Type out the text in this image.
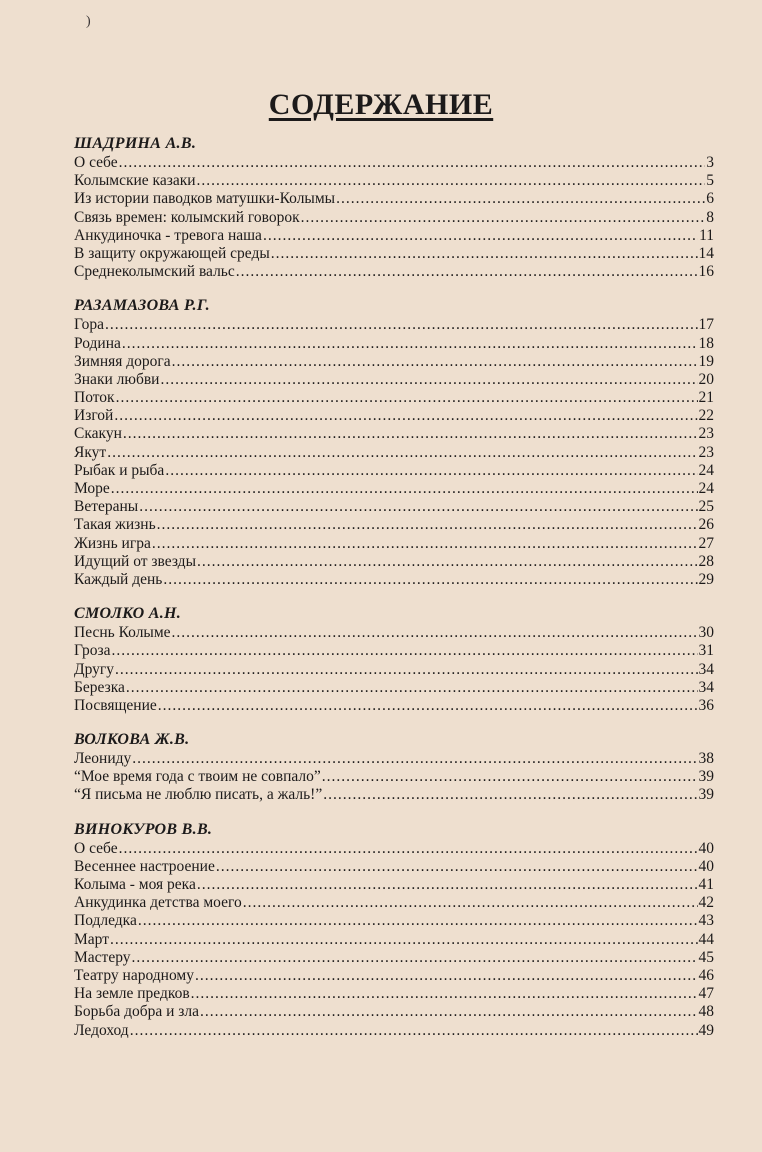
)
СОДЕРЖАНИЕ
ШАДРИНА А.В.
О себе .....	3
Колымские казаки .....	5
Из истории паводков матушки-Колымы .....	6
Связь времен: колымский говорок .....	8
Анкудиночка - тревога наша .....	11
В защиту окружающей среды .....	14
Среднеколымский вальс .....	16
РАЗАМАЗОВА Р.Г.
Гора .....	17
Родина .....	18
Зимняя дорога .....	19
Знаки любви .....	20
Поток .....	21
Изгой .....	22
Скакун .....	23
Якут .....	23
Рыбак и рыба .....	24
Море .....	24
Ветераны .....	25
Такая жизнь .....	26
Жизнь игра .....	27
Идущий от звезды .....	28
Каждый день .....	29
СМОЛКО А.Н.
Песнь Колыме .....	30
Гроза .....	31
Другу .....	34
Березка .....	34
Посвящение .....	36
ВОЛКОВА Ж.В.
Леониду .....	38
“Мое время года с твоим не совпало” .....	39
“Я письма не люблю писать, а жаль!” .....	39
ВИНОКУРОВ В.В.
О себе .....	40
Весеннее настроение .....	40
Колыма - моя река .....	41
Анкудинка детства моего .....	42
Подледка .....	43
Март .....	44
Мастеру .....	45
Театру народному .....	46
На земле предков .....	47
Борьба добра и зла .....	48
Ледоход .....	49
